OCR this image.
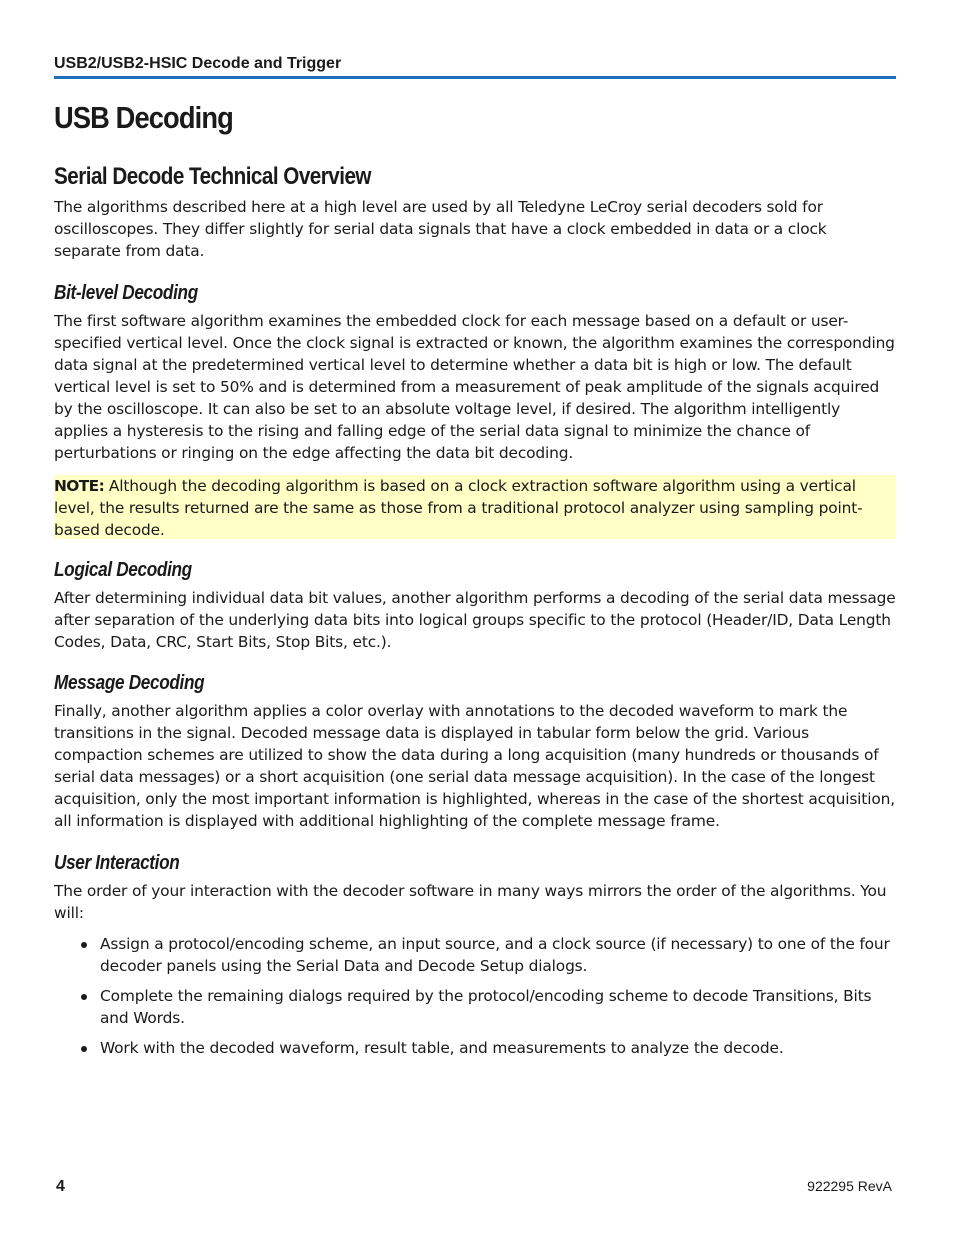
USB2/USB2-HSIC Decode and Trigger
USB Decoding
Serial Decode Technical Overview

The algorithms described here at a high level are used by all Teledyne LeCroy serial decoders sold for oscilloscopes. They differ slightly for serial data signals that have a clock embedded in data or a clock separate from data.

Bit-level Decoding

The first software algorithm examines the embedded clock for each message based on a default or user-specified vertical level. Once the clock signal is extracted or known, the algorithm examines the corresponding data signal at the predetermined vertical level to determine whether a data bit is high or low. The default vertical level is set to 50% and is determined from a measurement of peak amplitude of the signals acquired by the oscilloscope. It can also be set to an absolute voltage level, if desired. The algorithm intelligently applies a hysteresis to the rising and falling edge of the serial data signal to minimize the chance of perturbations or ringing on the edge affecting the data bit decoding.

NOTE: Although the decoding algorithm is based on a clock extraction software algorithm using a vertical level, the results returned are the same as those from a traditional protocol analyzer using sampling point-based decode.

Logical Decoding

After determining individual data bit values, another algorithm performs a decoding of the serial data message after separation of the underlying data bits into logical groups specific to the protocol (Header/ID, Data Length Codes, Data, CRC, Start Bits, Stop Bits, etc.).

Message Decoding

Finally, another algorithm applies a color overlay with annotations to the decoded waveform to mark the transitions in the signal. Decoded message data is displayed in tabular form below the grid. Various compaction schemes are utilized to show the data during a long acquisition (many hundreds or thousands of serial data messages) or a short acquisition (one serial data message acquisition). In the case of the longest acquisition, only the most important information is highlighted, whereas in the case of the shortest acquisition, all information is displayed with additional highlighting of the complete message frame.

User Interaction

The order of your interaction with the decoder software in many ways mirrors the order of the algorithms. You will:

Assign a protocol/encoding scheme, an input source, and a clock source (if necessary) to one of the four decoder panels using the Serial Data and Decode Setup dialogs.

Complete the remaining dialogs required by the protocol/encoding scheme to decode Transitions, Bits and Words.

Work with the decoded waveform, result table, and measurements to analyze the decode.

4	922295 RevA
